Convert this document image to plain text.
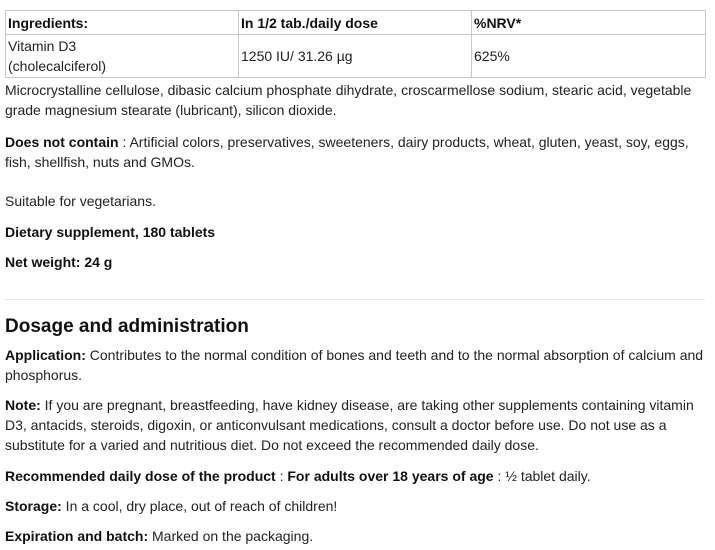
Ingredients:	In 1/2 tab./daily dose	%NRV*
Vitamin D3
(cholecalciferol)	1250 IU/ 31.26 µg	625%

Microcrystalline cellulose, dibasic calcium phosphate dihydrate, croscarmellose sodium, stearic acid, vegetable grade magnesium stearate (lubricant), silicon dioxide.

Does not contain : Artificial colors, preservatives, sweeteners, dairy products, wheat, gluten, yeast, soy, eggs, fish, shellfish, nuts and GMOs.

Suitable for vegetarians.

Dietary supplement, 180 tablets

Net weight: 24 g

Dosage and administration

Application: Contributes to the normal condition of bones and teeth and to the normal absorption of calcium and phosphorus.

Note: If you are pregnant, breastfeeding, have kidney disease, are taking other supplements containing vitamin D3, antacids, steroids, digoxin, or anticonvulsant medications, consult a doctor before use. Do not use as a substitute for a varied and nutritious diet. Do not exceed the recommended daily dose.

Recommended daily dose of the product : For adults over 18 years of age : ½ tablet daily.

Storage: In a cool, dry place, out of reach of children!

Expiration and batch: Marked on the packaging.
